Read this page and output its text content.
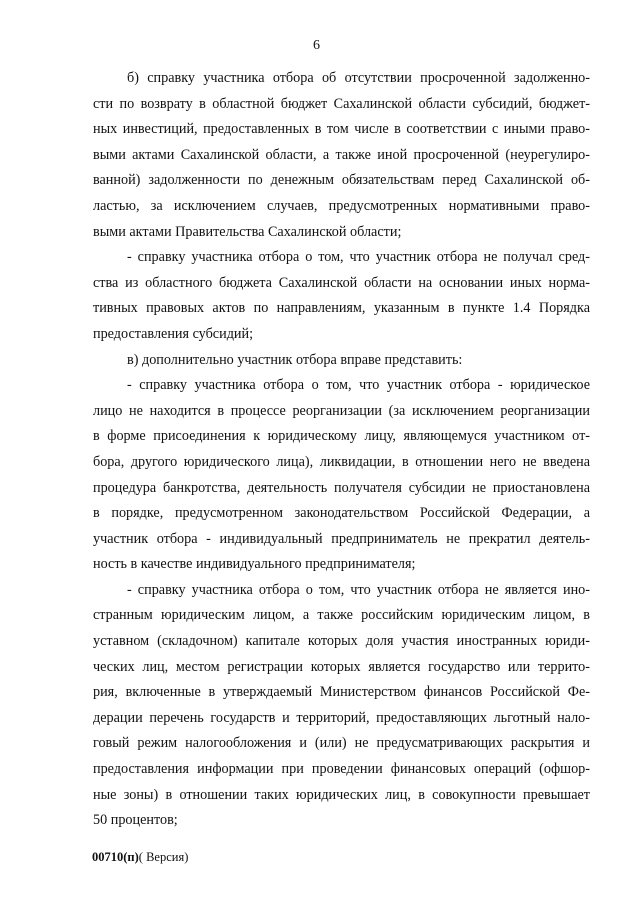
6
б) справку участника отбора об отсутствии просроченной задолженно-
сти по возврату в областной бюджет Сахалинской области субсидий, бюджет-
ных инвестиций, предоставленных в том числе в соответствии с иными право-
выми актами Сахалинской области, а также иной просроченной (неурегулиро-
ванной) задолженности по денежным обязательствам перед Сахалинской об-
ластью, за исключением случаев, предусмотренных нормативными право-
выми актами Правительства Сахалинской области;
- справку участника отбора о том, что участник отбора не получал сред-
ства из областного бюджета Сахалинской области на основании иных норма-
тивных правовых актов по направлениям, указанным в пункте 1.4 Порядка
предоставления субсидий;
в) дополнительно участник отбора вправе представить:
- справку участника отбора о том, что участник отбора - юридическое
лицо не находится в процессе реорганизации (за исключением реорганизации
в форме присоединения к юридическому лицу, являющемуся участником от-
бора, другого юридического лица), ликвидации, в отношении него не введена
процедура банкротства, деятельность получателя субсидии не приостановлена
в порядке, предусмотренном законодательством Российской Федерации, а
участник отбора - индивидуальный предприниматель не прекратил деятель-
ность в качестве индивидуального предпринимателя;
- справку участника отбора о том, что участник отбора не является ино-
странным юридическим лицом, а также российским юридическим лицом, в
уставном (складочном) капитале которых доля участия иностранных юриди-
ческих лиц, местом регистрации которых является государство или террито-
рия, включенные в утверждаемый Министерством финансов Российской Фе-
дерации перечень государств и территорий, предоставляющих льготный нало-
говый режим налогообложения и (или) не предусматривающих раскрытия и
предоставления информации при проведении финансовых операций (офшор-
ные зоны) в отношении таких юридических лиц, в совокупности превышает
50 процентов;
00710(п)( Версия)
